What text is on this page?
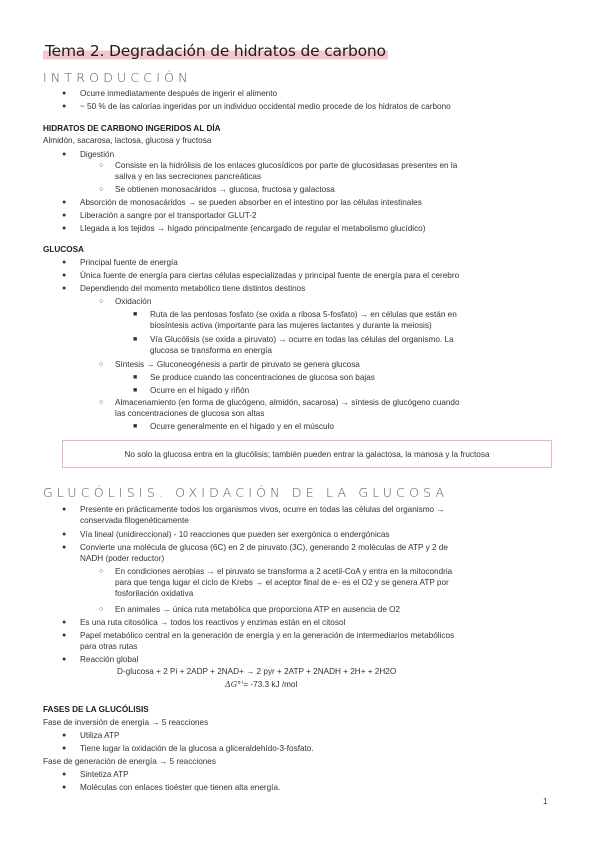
Tema 2. Degradación de hidratos de carbono
INTRODUCCIÓN
● Ocurre inmediatamente después de ingerir el alimento
● ~ 50 % de las calorías ingeridas por un individuo occidental medio procede de los hidratos de carbono
HIDRATOS DE CARBONO INGERIDOS AL DÍA
Almidón, sacarosa, lactosa, glucosa y fructosa
● Digestión
○ Consiste en la hidrólisis de los enlaces glucosídicos por parte de glucosidasas presentes en la
saliva y en las secreciones pancreáticas
○ Se obtienen monosacáridos → glucosa, fructosa y galactosa
● Absorción de monosacáridos → se pueden absorber en el intestino por las células intestinales
● Liberación a sangre por el transportador GLUT-2
● Llegada a los tejidos → hígado principalmente (encargado de regular el metabolismo glucídico)
GLUCOSA
● Principal fuente de energía
● Única fuente de energía para ciertas células especializadas y principal fuente de energía para el cerebro
● Dependiendo del momento metabólico tiene distintos destinos
○ Oxidación
■ Ruta de las pentosas fosfato (se oxida a ribosa 5-fosfato) → en células que están en
biosíntesis activa (importante para las mujeres lactantes y durante la meiosis)
■ Vía Glucólisis (se oxida a piruvato) → ocurre en todas las células del organismo. La
glucosa se transforma en energía
○ Síntesis → Gluconeogénesis a partir de piruvato se genera glucosa
■ Se produce cuando las concentraciones de glucosa son bajas
■ Ocurre en el hígado y riñón
○ Almacenamiento (en forma de glucógeno, almidón, sacarosa) → síntesis de glucógeno cuando
las concentraciones de glucosa son altas
■ Ocurre generalmente en el hígado y en el músculo
No solo la glucosa entra en la glucólisis; también pueden entrar la galactosa, la manosa y la fructosa
GLUCÓLISIS. OXIDACIÓN DE LA GLUCOSA
● Presente en prácticamente todos los organismos vivos, ocurre en todas las células del organismo →
conservada filogenéticamente
● Vía lineal (unidireccional) - 10 reacciones que pueden ser exergónica o endergónicas
● Convierte una molécula de glucosa (6C) en 2 de piruvato (3C), generando 2 moléculas de ATP y 2 de
NADH (poder reductor)
○ En condiciones aerobias → el piruvato se transforma a 2 acetil-CoA y entra en la mitocondria
para que tenga lugar el ciclo de Krebs → el aceptor final de e- es el O2 y se genera ATP por
fosforilación oxidativa
○ En animales → única ruta metabólica que proporciona ATP en ausencia de O2
● Es una ruta citosólica → todos los reactivos y enzimas están en el citosol
● Papel metabólico central en la generación de energía y en la generación de intermediarios metabólicos
para otras rutas
● Reacción global
D-glucosa + 2 Pi + 2ADP + 2NAD+ → 2 pyr + 2ATP + 2NADH + 2H+ + 2H2O
ΔG°'= -73.3 kJ /mol
FASES DE LA GLUCÓLISIS
Fase de inversión de energía → 5 reacciones
● Utiliza ATP
● Tiene lugar la oxidación de la glucosa a gliceraldehído-3-fosfato.
Fase de generación de energía → 5 reacciones
● Sintetiza ATP
● Moléculas con enlaces tioéster que tienen alta energía.
1
